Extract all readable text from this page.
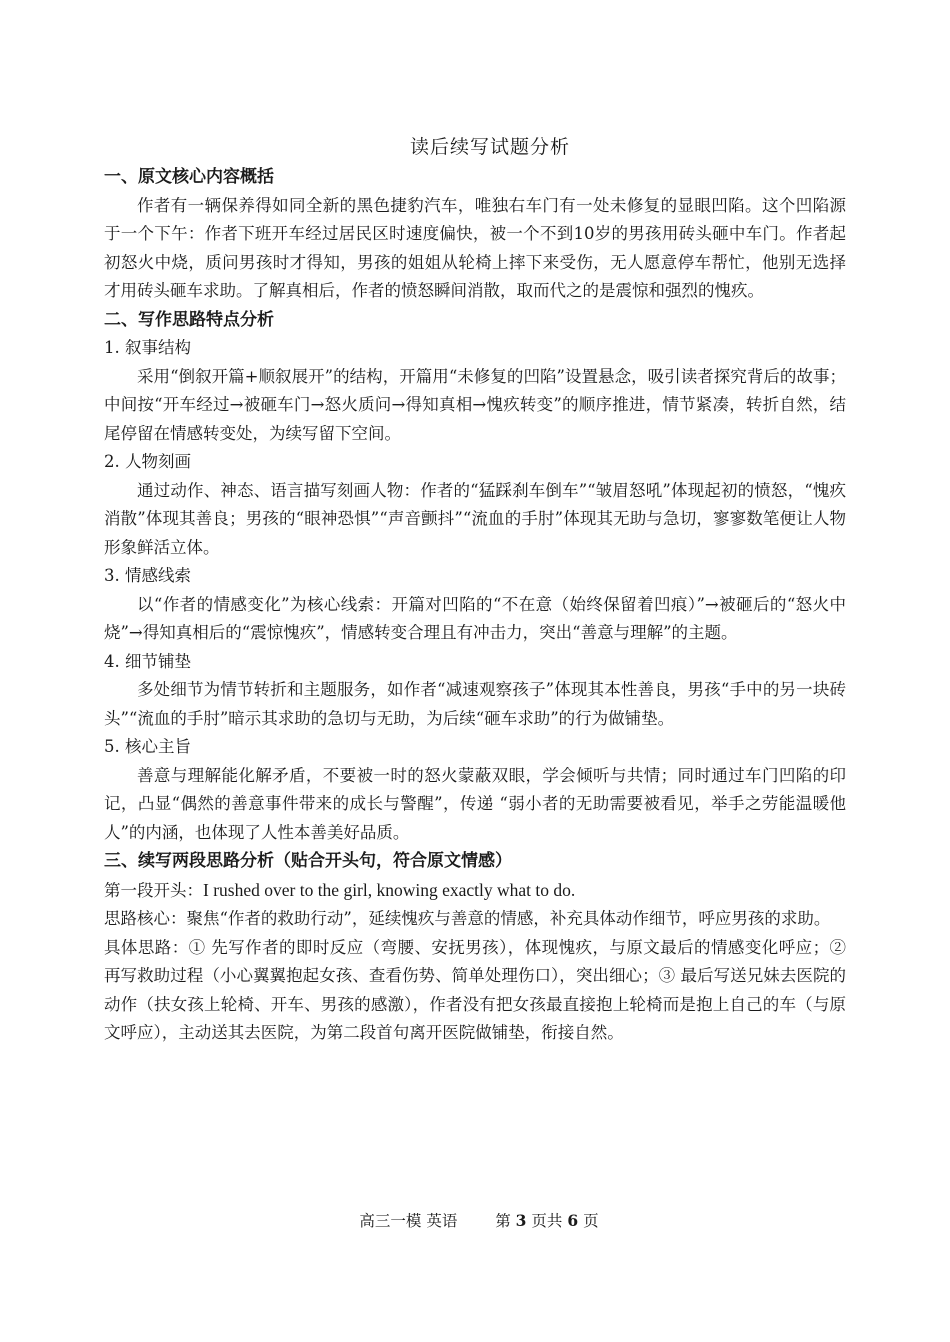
读后续写试题分析
一、原文核心内容概括

作者有一辆保养得如同全新的黑色捷豹汽车，唯独右车门有一处未修复的显眼凹陷。这个凹陷源于一个下午：作者下班开车经过居民区时速度偏快，被一个不到10岁的男孩用砖头砸中车门。作者起初怒火中烧，质问男孩时才得知，男孩的姐姐从轮椅上摔下来受伤，无人愿意停车帮忙，他别无选择才用砖头砸车求助。了解真相后，作者的愤怒瞬间消散，取而代之的是震惊和强烈的愧疚。

二、写作思路特点分析
1. 叙事结构

采用“倒叙开篇+顺叙展开”的结构，开篇用“未修复的凹陷”设置悬念，吸引读者探究背后的故事；中间按“开车经过→被砸车门→怒火质问→得知真相→愧疚转变”的顺序推进，情节紧凑，转折自然，结尾停留在情感转变处，为续写留下空间。

2. 人物刻画

通过动作、神态、语言描写刻画人物：作者的“猛踩刹车倒车”“皱眉怒吼”体现起初的愤怒，“愧疚消散”体现其善良；男孩的“眼神恐惧”“声音颤抖”“流血的手肘”体现其无助与急切，寥寥数笔便让人物形象鲜活立体。

3. 情感线索

以“作者的情感变化”为核心线索：开篇对凹陷的“不在意（始终保留着凹痕）”→被砸后的“怒火中烧”→得知真相后的“震惊愧疚”，情感转变合理且有冲击力，突出“善意与理解”的主题。

4. 细节铺垫

多处细节为情节转折和主题服务，如作者“减速观察孩子”体现其本性善良，男孩“手中的另一块砖头”“流血的手肘”暗示其求助的急切与无助，为后续“砸车求助”的行为做铺垫。

5. 核心主旨

善意与理解能化解矛盾，不要被一时的怒火蒙蔽双眼，学会倾听与共情；同时通过车门凹陷的印记，凸显“偶然的善意事件带来的成长与警醒”，传递 “弱小者的无助需要被看见，举手之劳能温暖他人”的内涵，也体现了人性本善美好品质。

三、续写两段思路分析（贴合开头句，符合原文情感）

第一段开头：I rushed over to the girl, knowing exactly what to do.

思路核心：聚焦“作者的救助行动”，延续愧疚与善意的情感，补充具体动作细节，呼应男孩的求助。

具体思路：① 先写作者的即时反应（弯腰、安抚男孩），体现愧疚，与原文最后的情感变化呼应；② 再写救助过程（小心翼翼抱起女孩、查看伤势、简单处理伤口），突出细心；③ 最后写送兄妹去医院的动作（扶女孩上轮椅、开车、男孩的感激），作者没有把女孩最直接抱上轮椅而是抱上自己的车（与原文呼应），主动送其去医院，为第二段首句离开医院做铺垫，衔接自然。

高三一模 英语 第 3 页共 6 页
